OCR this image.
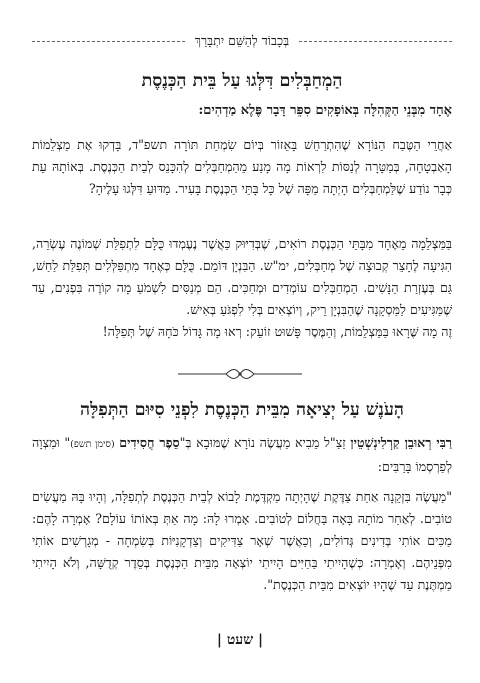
בְּכָבוֹד לְהַשֵּׁם יִתְבָּרַךְ
הַמְחַבְּלִים דִּלְּגוּ עַל בֵּית הַכְּנֶסֶת

אֶחָד מִבְּנֵי הַקְּהִלָּה בְּאוֹפָקִים סִפֵּר דָּבָר פֶּלֶא מַדְהִים:

אַחֲרֵי הַטֶּבַח הַנּוֹרָא שֶׁהִתְרַחֵשׁ בָּאֵזוֹר בְּיוֹם שִׂמְחַת תּוֹרָה תשפ"ד, בָּדְקוּ אֶת מַצְלֵמוֹת הָאַבְטָחָה, בְּמַטָּרָה לְנַסּוֹת לִרְאוֹת מָה מָנַע מֵהַמְחַבְּלִים לְהִכָּנֵס לְבֵית הַכְּנֶסֶת. בְּאוֹתָהּ עֵת כְּבָר נוֹדַע שֶׁלַּמְחַבְּלִים הָיְתָה מַפָּה שֶׁל כָּל בָּתֵּי הַכְּנֶסֶת בָּעִיר. מַדּוּעַ דִּלְּגוּ עָלֶיהָ?

בַּמַּצְלֵמָה מֵאֶחָד מִבָּתֵּי הַכְּנֶסֶת רוֹאִים, שֶׁבְּדִיּוּק כַּאֲשֶׁר נֶעֶמְדוּ כֻּלָּם לִתְפִלַּת שְׁמוֹנֶה עֶשְׂרֵה, הִגִּיעָה לֶחָצֵר קְבוּצָה שֶׁל מְחַבְּלִים, ימ"ש. הַבִּנְיָן דּוֹמֵם. כֻּלָּם כְּאֶחָד מִתְפַּלְּלִים תְּפִלַּת לַחַשׁ, גַּם בְּעֶזְרַת הַנָּשִׁים. הַמְחַבְּלִים עוֹמְדִים וּמְחַכִּים. הֵם מְנַסִּים לִשְׁמֹעַ מָה קוֹרֶה בִּפְנִים, עַד שֶׁמַּגִּיעִים לַמַּסְקָנָה שֶׁהַבִּנְיָן רֵיק, וְיוֹצְאִים בְּלִי לִפְגֹּעַ בְּאִישׁ.

זֶה מָה שֶּׁרָאוּ בַּמַּצְלֵמוֹת, וְהַמֶּסֶר פָּשׁוּט זוֹעֵק: רְאוּ מָה גָּדוֹל כֹּחָהּ שֶׁל תְּפִלָּה!

הָעֹנֶשׁ עַל יְצִיאָה מִבֵּית הַכְּנֶסֶת לִפְנֵי סִיּוּם הַתְּפִלָּה

רַבִּי רְאוּבֵן קַרְלִינְשְׁטֵין זַצַ"ל מֵבִיא מַעֲשֶׂה נוֹרָא שֶׁמּוּבָא בְּ"סֵפֶר חֲסִידִים (סימן תשפ)" וּמִצְוָה לְפַרְסְמוֹ בָּרַבִּים:

"מַעֲשֶׂה בִּזְקֵנָה אַחַת צַדֶּקֶת שֶׁהָיְתָה מַקְדֶּמֶת לָבוֹא לְבֵית הַכְּנֶסֶת לְתְפִלָּה, וְהָיוּ בָּהּ מַעֲשִׂים טוֹבִים. לְאַחַר מוֹתָהּ בָּאָה בַּחֲלוֹם לְטוֹבִים. אָמְרוּ לָהּ: מָה אַתְּ בְּאוֹתוֹ עוֹלָם? אָמְרָה לָהֶם: מַכִּים אוֹתִי בְּדִינִים גְּדוֹלִים, וְכַאֲשֶׁר שְׁאָר צַדִּיקִים וְצַדְקָנִיּוֹת בְּשִׂמְחָה - מְגָרְשִׁים אוֹתִי מִפְּנֵיהֶם. וְאָמְרָה: כְּשֶׁהָיִיתִי בַּחַיִּים הָיִיתִי יוֹצְאָה מִבֵּית הַכְּנֶסֶת בְּסֵדֶר קְדֻשָּׁה, וְלֹא הָיִיתִי מַמְתֶּנֶת עַד שֶׁהָיוּ יוֹצְאִים מִבֵּית הַכְּנֶסֶת".

| שעט |
